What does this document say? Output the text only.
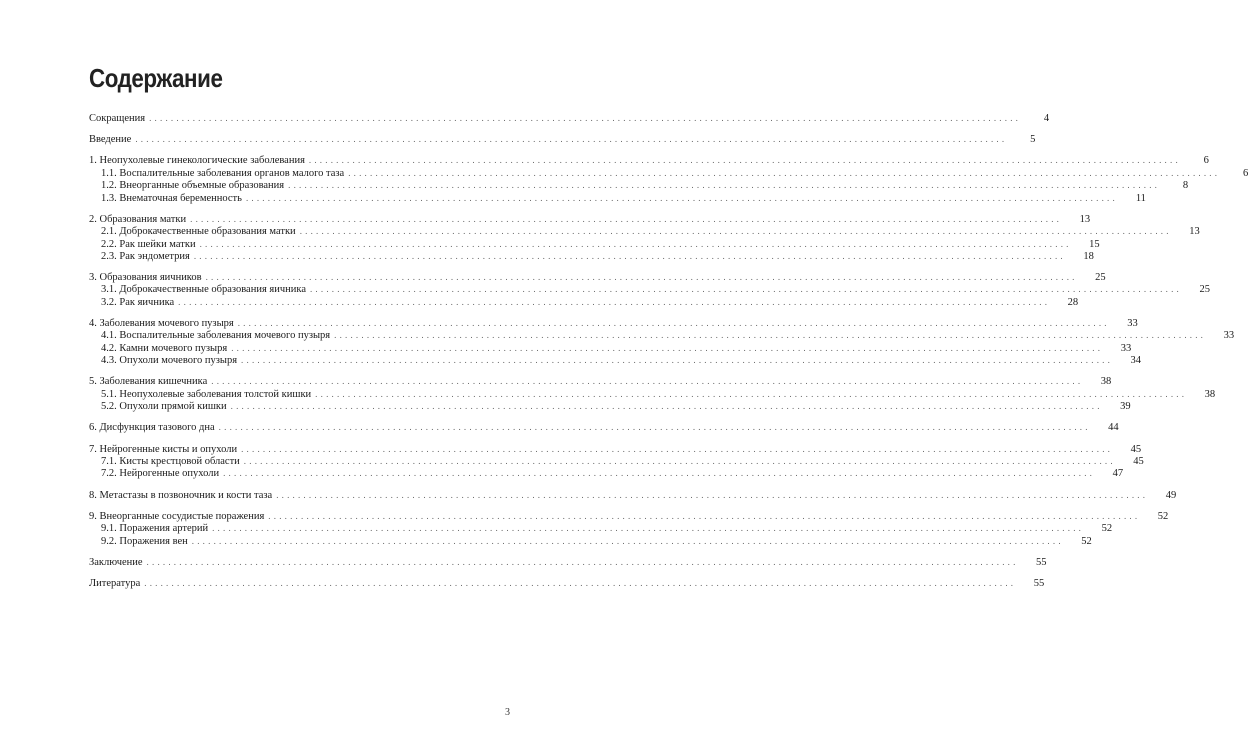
Содержание
Сокращения ................................................................................................................................................................	4
Введение ................................................................................................................................................................	5
1. Неопухолевые гинекологические заболевания ................................................................................................................................................................	6
1.1. Воспалительные заболевания органов малого таза ................................................................................................................................................................	6
1.2. Внеорганные объемные образования ................................................................................................................................................................	8
1.3. Внематочная беременность ................................................................................................................................................................	11
2. Образования матки ................................................................................................................................................................	13
2.1. Доброкачественные образования матки ................................................................................................................................................................	13
2.2. Рак шейки матки ................................................................................................................................................................	15
2.3. Рак эндометрия ................................................................................................................................................................	18
3. Образования яичников ................................................................................................................................................................	25
3.1. Доброкачественные образования яичника ................................................................................................................................................................	25
3.2. Рак яичника ................................................................................................................................................................	28
4. Заболевания мочевого пузыря ................................................................................................................................................................	33
4.1. Воспалительные заболевания мочевого пузыря ................................................................................................................................................................	33
4.2. Камни мочевого пузыря ................................................................................................................................................................	33
4.3. Опухоли мочевого пузыря ................................................................................................................................................................	34
5. Заболевания кишечника ................................................................................................................................................................	38
5.1. Неопухолевые заболевания толстой кишки ................................................................................................................................................................	38
5.2. Опухоли прямой кишки ................................................................................................................................................................	39
6. Дисфункция тазового дна ................................................................................................................................................................	44
7. Нейрогенные кисты и опухоли ................................................................................................................................................................	45
7.1. Кисты крестцовой области ................................................................................................................................................................	45
7.2. Нейрогенные опухоли ................................................................................................................................................................	47
8. Метастазы в позвоночник и кости таза ................................................................................................................................................................	49
9. Внеорганные сосудистые поражения ................................................................................................................................................................	52
9.1. Поражения артерий ................................................................................................................................................................	52
9.2. Поражения вен ................................................................................................................................................................	52
Заключение ................................................................................................................................................................	55
Литература ................................................................................................................................................................	55
3
